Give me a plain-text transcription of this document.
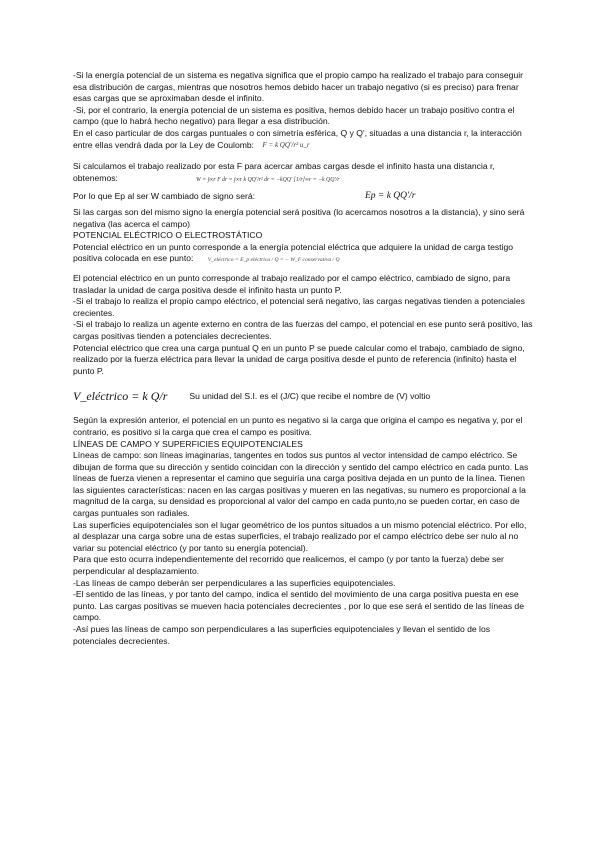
-Si la energía potencial de un sistema es negativa significa que el propio campo ha realizado el trabajo para conseguir esa distribución de cargas, mientras que nosotros hemos debido hacer un trabajo negativo (si es preciso) para frenar esas cargas que se aproximaban desde el infinito.

-Si, por el contrario, la energía potencial de un sistema es positiva, hemos debido hacer un trabajo positivo contra el campo (que lo habrá hecho negativo) para llegar a esa distribución.

En el caso particular de dos cargas puntuales o con simetría esférica, Q y Q', situadas a una distancia r, la interacción entre ellas vendrá dada por la Ley de Coulomb: F = k QQ'/r² u_r

Si calculamos el trabajo realizado por esta F para acercar ambas cargas desde el infinito hasta una distancia r, obtenemos:	W = ∫∞r F dr = ∫∞r k QQ'/r² dr = −kQQ' [1/r]∞r = −k QQ'/r

Por lo que Ep al ser W cambiado de signo será:	Ep = k QQ'/r

Si las cargas son del mismo signo la energía potencial será positiva (lo acercamos nosotros a la distancia), y sino será negativa (las acerca el campo)

POTENCIAL ELÉCTRICO O ELECTROSTÁTICO

Potencial eléctrico en un punto corresponde a la energía potencial eléctrica que adquiere la unidad de carga testigo positiva colocada en ese punto:	V_eléctrico = E_p eléctrica / Q = − W_F conservativa / Q

El potencial eléctrico en un punto corresponde al trabajo realizado por el campo eléctrico, cambiado de signo, para trasladar la unidad de carga positiva desde el infinito hasta un punto P.

-Si el trabajo lo realiza el propio campo eléctrico, el potencial será negativo, las cargas negativas tienden a potenciales crecientes.

-Si el trabajo lo realiza un agente externo en contra de las fuerzas del campo, el potencial en ese punto será positivo, las cargas positivas tienden a potenciales decrecientes.

Potencial eléctrico que crea una carga puntual Q en un punto P se puede calcular como el trabajo, cambiado de signo, realizado por la fuerza eléctrica para llevar la unidad de carga positiva desde el punto de referencia (infinito) hasta el punto P.

V_eléctrico = k Q/r	Su unidad del S.I. es el (J/C) que recibe el nombre de (V) voltio

Según la expresión anterior, el potencial en un punto es negativo si la carga que origina el campo es negativa y, por el contrario, es positivo si la carga que crea el campo es positiva.

LÍNEAS DE CAMPO Y SUPERFICIES EQUIPOTENCIALES

Líneas de campo: son líneas imaginarias, tangentes en todos sus puntos al vector intensidad de campo eléctrico. Se dibujan de forma que su dirección y sentido coincidan con la dirección y sentido del campo eléctrico en cada punto. Las líneas de fuerza vienen a representar el camino que seguiría una carga positiva dejada en un punto de la línea. Tienen las siguientes características: nacen en las cargas positivas y mueren en las negativas, su numero es proporcional a la magnitud de la carga, su densidad es proporcional al valor del campo en cada punto,no se pueden cortar, en caso de cargas puntuales son radiales.

Las superficies equipotenciales son el lugar geométrico de los puntos situados a un mismo potencial eléctrico. Por ello, al desplazar una carga sobre una de estas superficies, el trabajo realizado por el campo eléctrico debe ser nulo al no variar su potencial eléctrico (y por tanto su energía potencial).

Para que esto ocurra independientemente del recorrido que realicemos, el campo (y por tanto la fuerza) debe ser perpendicular al desplazamiento.

-Las líneas de campo deberán ser perpendiculares a las superficies equipotenciales.

-El sentido de las líneas, y por tanto del campo, indica el sentido del movimiento de una carga positiva puesta en ese punto. Las cargas positivas se mueven hacia potenciales decrecientes , por lo que ese será el sentido de las líneas de campo.

-Así pues las líneas de campo son perpendiculares a las superficies equipotenciales y llevan el sentido de los potenciales decrecientes.
